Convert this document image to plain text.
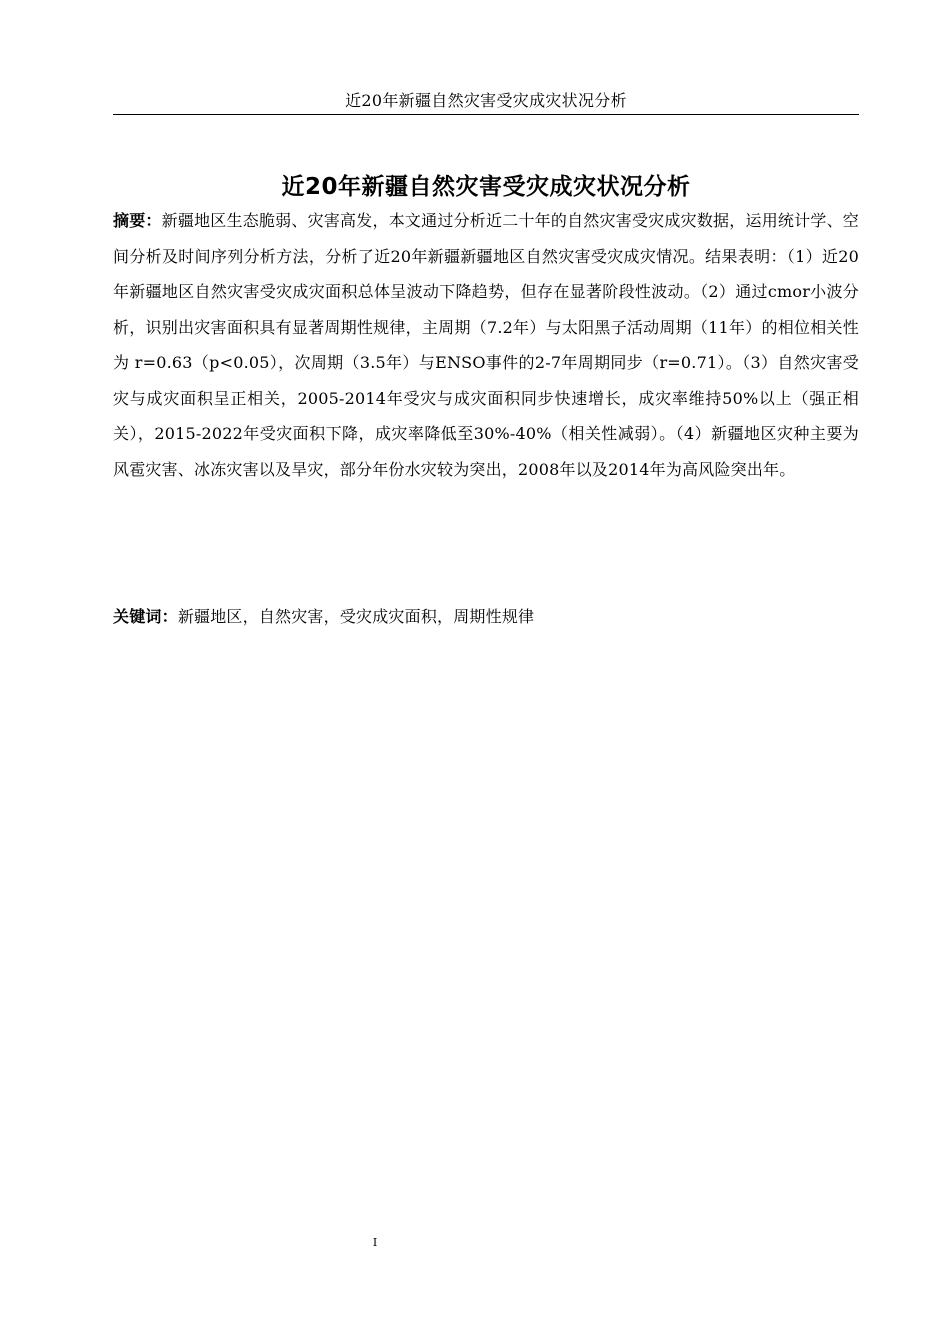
近20年新疆自然灾害受灾成灾状况分析
近20年新疆自然灾害受灾成灾状况分析
摘要：新疆地区生态脆弱、灾害高发，本文通过分析近二十年的自然灾害受灾成灾数据，运用统计学、空间分析及时间序列分析方法，分析了近20年新疆新疆地区自然灾害受灾成灾情况。结果表明：（1）近20年新疆地区自然灾害受灾成灾面积总体呈波动下降趋势，但存在显著阶段性波动。（2）通过cmor小波分析，识别出灾害面积具有显著周期性规律，主周期（7.2年）与太阳黑子活动周期（11年）的相位相关性为 r=0.63（p<0.05），次周期（3.5年）与ENSO事件的2-7年周期同步（r=0.71）。（3）自然灾害受灾与成灾面积呈正相关，2005-2014年受灾与成灾面积同步快速增长，成灾率维持50%以上（强正相关），2015-2022年受灾面积下降，成灾率降低至30%-40%（相关性减弱）。（4）新疆地区灾种主要为风雹灾害、冰冻灾害以及旱灾，部分年份水灾较为突出，2008年以及2014年为高风险突出年。
关键词：新疆地区，自然灾害，受灾成灾面积，周期性规律
I
